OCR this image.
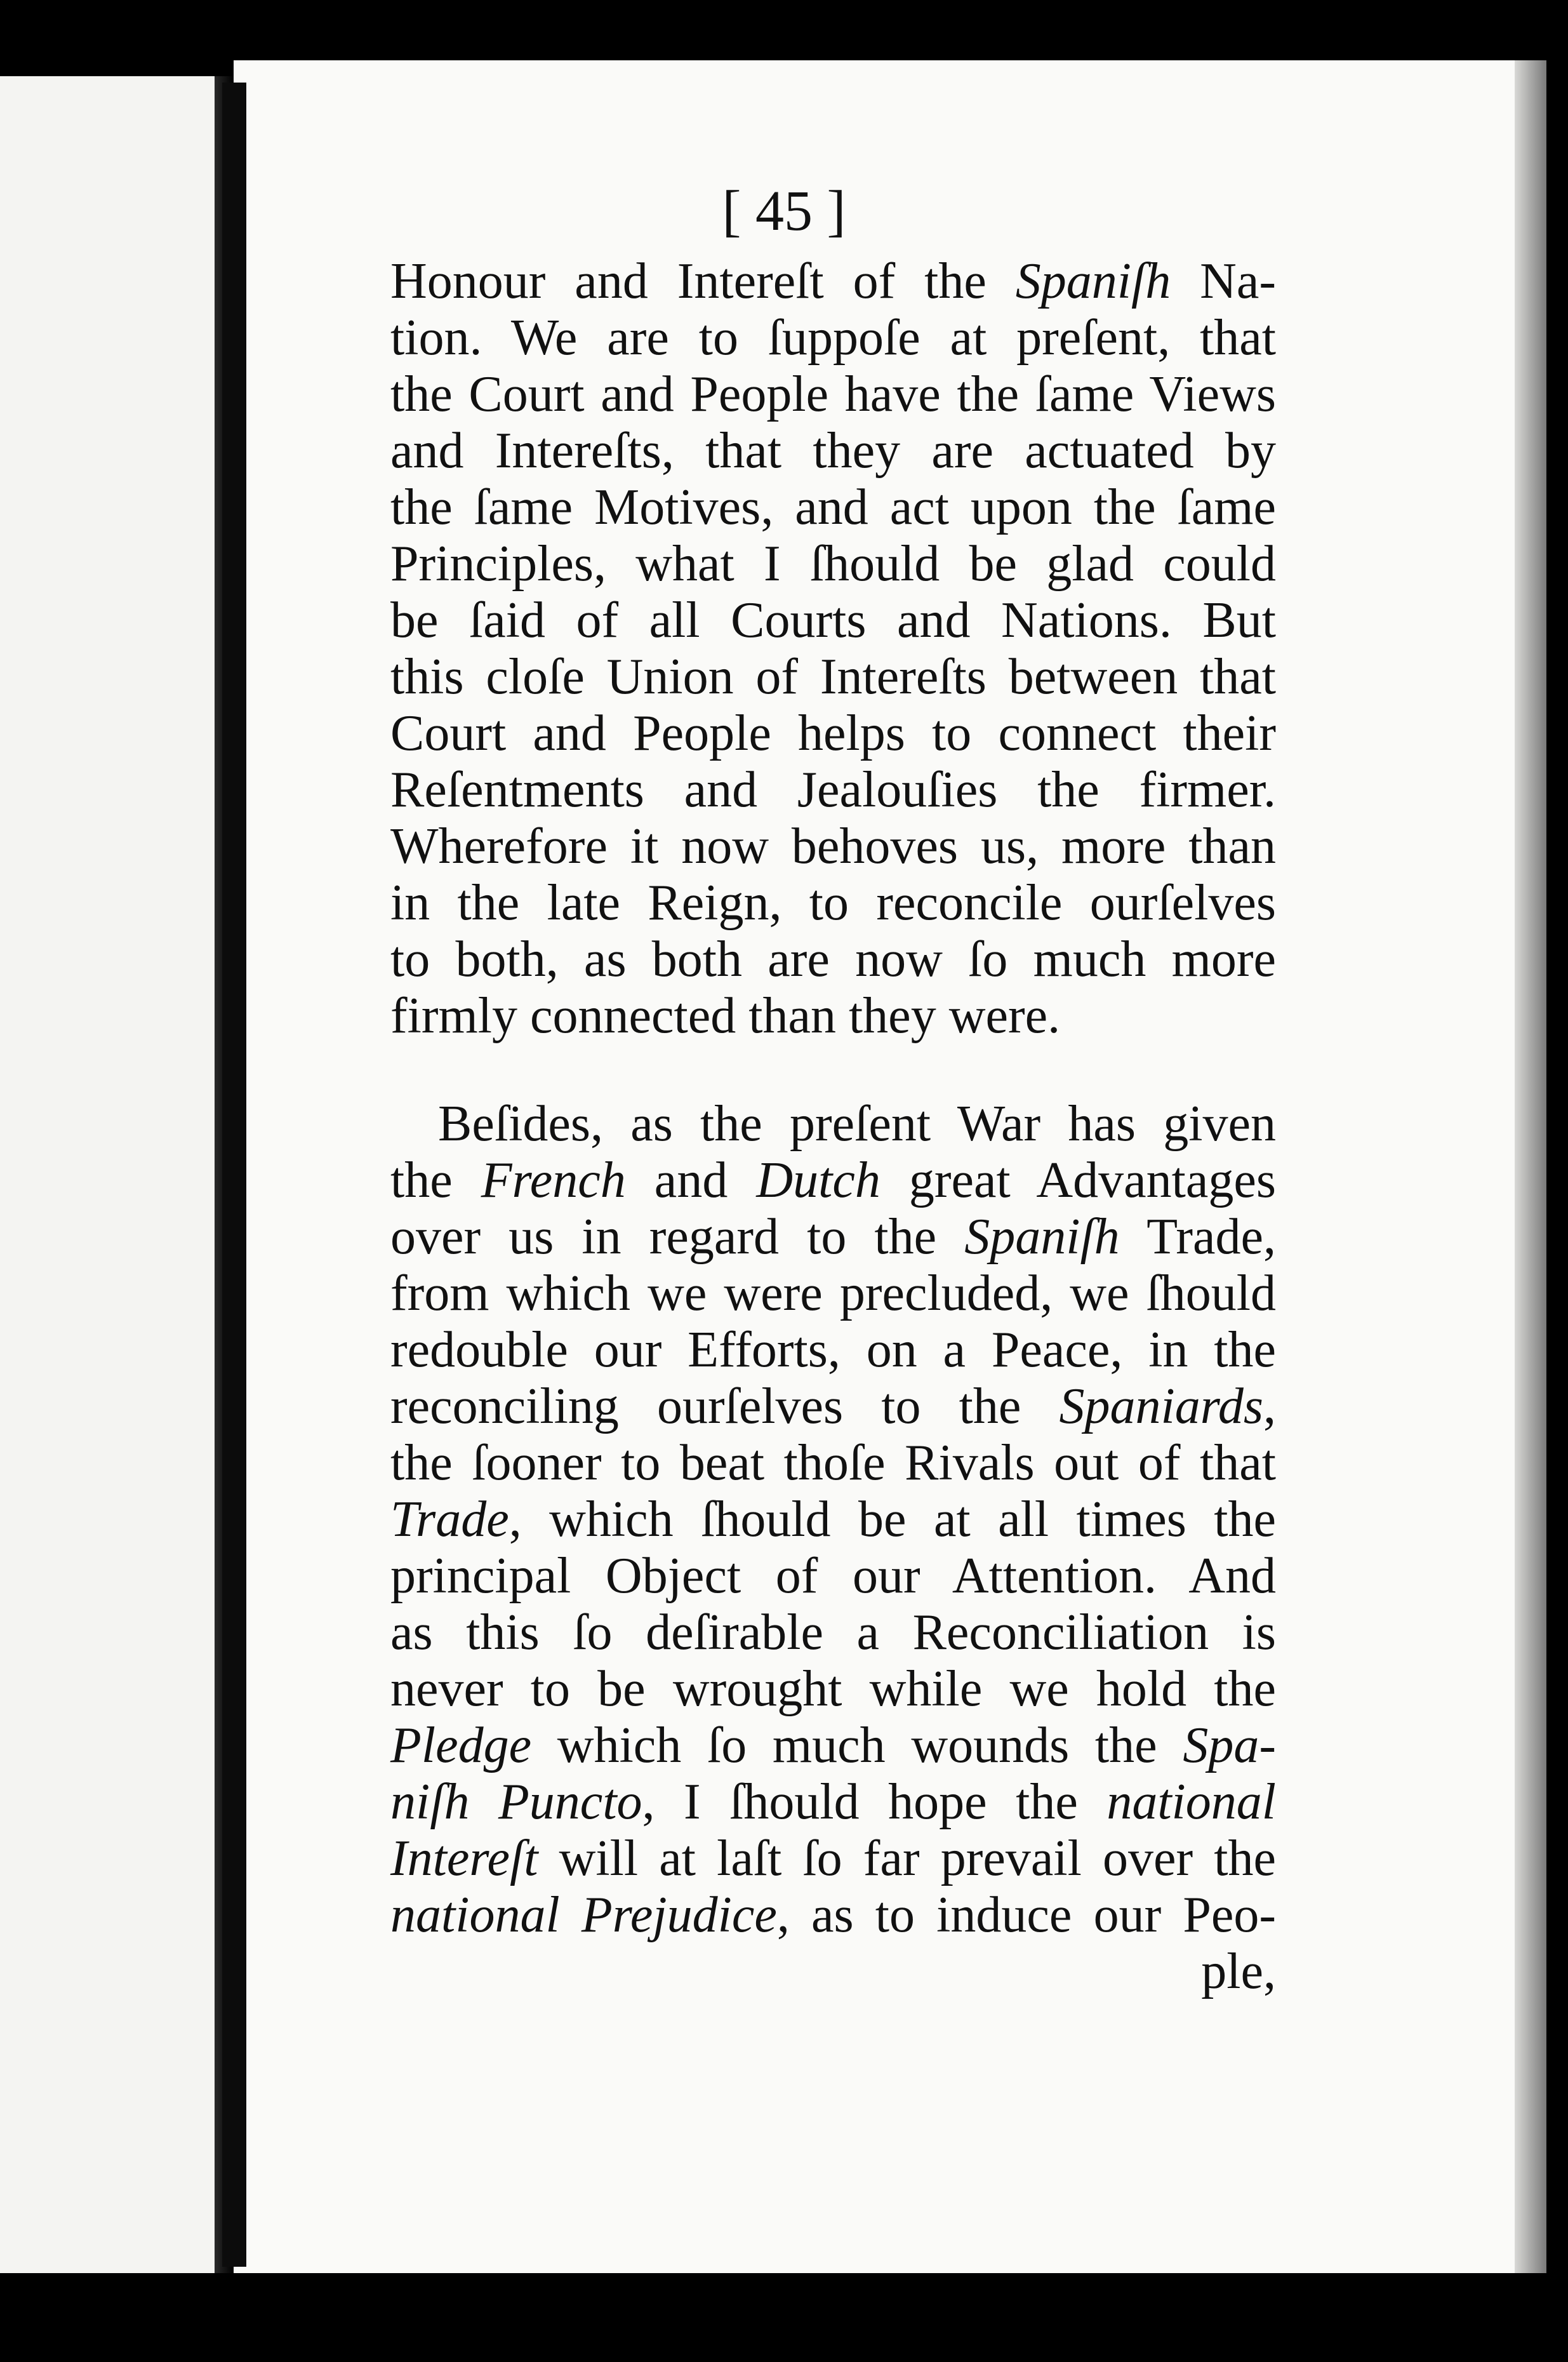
[ 45 ]
Honour and Intereſt of the Spaniſh Na-
tion. We are to ſuppoſe at preſent, that
the Court and People have the ſame Views
and Intereſts, that they are actuated by
the ſame Motives, and act upon the ſame
Principles, what I ſhould be glad could
be ſaid of all Courts and Nations. But
this cloſe Union of Intereſts between that
Court and People helps to connect their
Reſentments and Jealouſies the firmer.
Wherefore it now behoves us, more than
in the late Reign, to reconcile ourſelves
to both, as both are now ſo much more
firmly connected than they were.
Beſides, as the preſent War has given
the French and Dutch great Advantages
over us in regard to the Spaniſh Trade,
from which we were precluded, we ſhould
redouble our Efforts, on a Peace, in the
reconciling ourſelves to the Spaniards,
the ſooner to beat thoſe Rivals out of that
Trade, which ſhould be at all times the
principal Object of our Attention. And
as this ſo deſirable a Reconciliation is
never to be wrought while we hold the
Pledge which ſo much wounds the Spa-
niſh Puncto, I ſhould hope the national
Intereſt will at laſt ſo far prevail over the
national Prejudice, as to induce our Peo-
ple,
